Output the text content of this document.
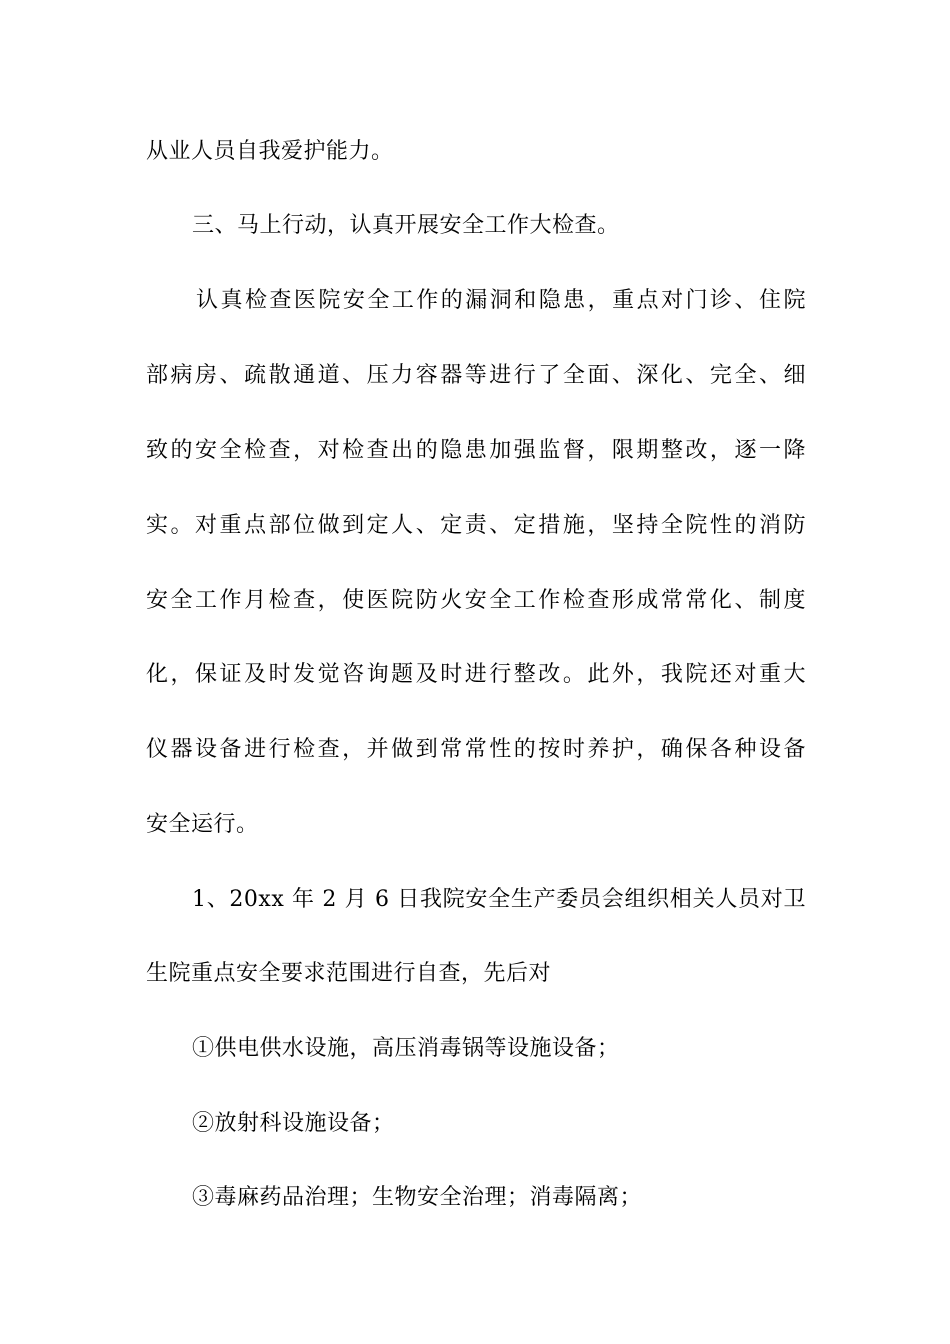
从业人员自我爱护能力。
三、马上行动，认真开展安全工作大检查。
认真检查医院安全工作的漏洞和隐患，重点对门诊、住院
部病房、疏散通道、压力容器等进行了全面、深化、完全、细
致的安全检查，对检查出的隐患加强监督，限期整改，逐一降
实。对重点部位做到定人、定责、定措施，坚持全院性的消防
安全工作月检查，使医院防火安全工作检查形成常常化、制度
化，保证及时发觉咨询题及时进行整改。此外，我院还对重大
仪器设备进行检查，并做到常常性的按时养护，确保各种设备
安全运行。
1、20xx 年 2 月 6 日我院安全生产委员会组织相关人员对卫
生院重点安全要求范围进行自查，先后对
①供电供水设施，高压消毒锅等设施设备；
②放射科设施设备；
③毒麻药品治理；生物安全治理；消毒隔离；
